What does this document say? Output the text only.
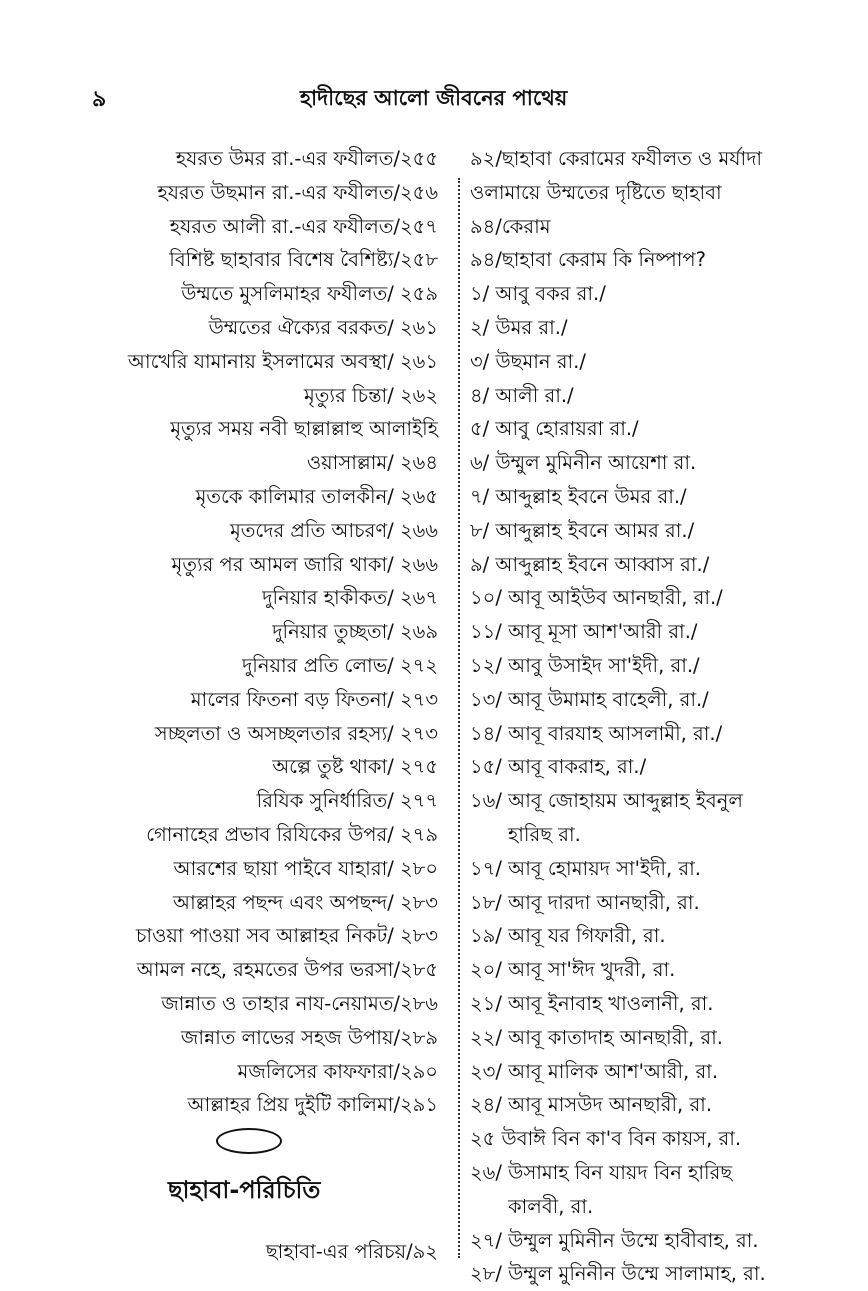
৯	হাদীছের আলো জীবনের পাথেয়
হযরত উমর রা.-এর ফযীলত/২৫৫
হযরত উছমান রা.-এর ফযীলত/২৫৬
হযরত আলী রা.-এর ফযীলত/২৫৭
বিশিষ্ট ছাহাবার বিশেষ বৈশিষ্ট্য/২৫৮
উম্মতে মুসলিমাহর ফযীলত/ ২৫৯
উম্মতের ঐক্যের বরকত/ ২৬১
আখেরি যামানায় ইসলামের অবস্থা/ ২৬১
মৃত্যুর চিন্তা/ ২৬২
মৃত্যুর সময় নবী ছাল্লাল্লাহু আলাইহি
ওয়াসাল্লাম/ ২৬৪
মৃতকে কালিমার তালকীন/ ২৬৫
মৃতদের প্রতি আচরণ/ ২৬৬
মৃত্যুর পর আমল জারি থাকা/ ২৬৬
দুনিয়ার হাকীকত/ ২৬৭
দুনিয়ার তুচ্ছতা/ ২৬৯
দুনিয়ার প্রতি লোভ/ ২৭২
মালের ফিতনা বড় ফিতনা/ ২৭৩
সচ্ছলতা ও অসচ্ছলতার রহস্য/ ২৭৩
অল্পে তুষ্ট থাকা/ ২৭৫
রিযিক সুনির্ধারিত/ ২৭৭
গোনাহের প্রভাব রিযিকের উপর/ ২৭৯
আরশের ছায়া পাইবে যাহারা/ ২৮০
আল্লাহর পছন্দ এবং অপছন্দ/ ২৮৩
চাওয়া পাওয়া সব আল্লাহর নিকট/ ২৮৩
আমল নহে, রহমতের উপর ভরসা/২৮৫
জান্নাত ও তাহার নায-নেয়ামত/২৮৬
জান্নাত লাভের সহজ উপায়/২৮৯
মজলিসের কাফফারা/২৯০
আল্লাহর প্রিয় দুইটি কালিমা/২৯১
ছাহাবা-পরিচিতি
ছাহাবা-এর পরিচয়/৯২
৯২/ছাহাবা কেরামের ফযীলত ও মর্যাদা
ওলামায়ে উম্মতের দৃষ্টিতে ছাহাবা
৯৪/কেরাম
৯৪/ছাহাবা কেরাম কি নিষ্পাপ?
১/ আবু বকর রা./
২/ উমর রা./
৩/ উছমান রা./
৪/ আলী রা./
৫/ আবু হোরায়রা রা./
৬/ উম্মুল মুমিনীন আয়েশা রা.
৭/ আব্দুল্লাহ ইবনে উমর রা./
৮/ আব্দুল্লাহ ইবনে আমর রা./
৯/ আব্দুল্লাহ ইবনে আব্বাস রা./
১০/ আবূ আইউব আনছারী, রা./
১১/ আবূ মূসা আশ'আরী রা./
১২/ আবু উসাইদ সা'ইদী, রা./
১৩/ আবূ উমামাহ বাহেলী, রা./
১৪/ আবূ বারযাহ আসলামী, রা./
১৫/ আবূ বাকরাহ, রা./
১৬/ আবূ জোহায়ম আব্দুল্লাহ ইবনুল
হারিছ রা.
১৭/ আবূ হোমায়দ সা'ইদী, রা.
১৮/ আবূ দারদা আনছারী, রা.
১৯/ আবূ যর গিফারী, রা.
২০/ আবূ সা'ঈদ খুদরী, রা.
২১/ আবূ ইনাবাহ খাওলানী, রা.
২২/ আবূ কাতাদাহ আনছারী, রা.
২৩/ আবূ মালিক আশ'আরী, রা.
২৪/ আবূ মাসউদ আনছারী, রা.
২৫ উবাঈ বিন কা'ব বিন কায়স, রা.
২৬/ উসামাহ বিন যায়দ বিন হারিছ
কালবী, রা.
২৭/ উম্মুল মুমিনীন উম্মে হাবীবাহ, রা.
২৮/ উম্মুল মুনিনীন উম্মে সালামাহ, রা.
